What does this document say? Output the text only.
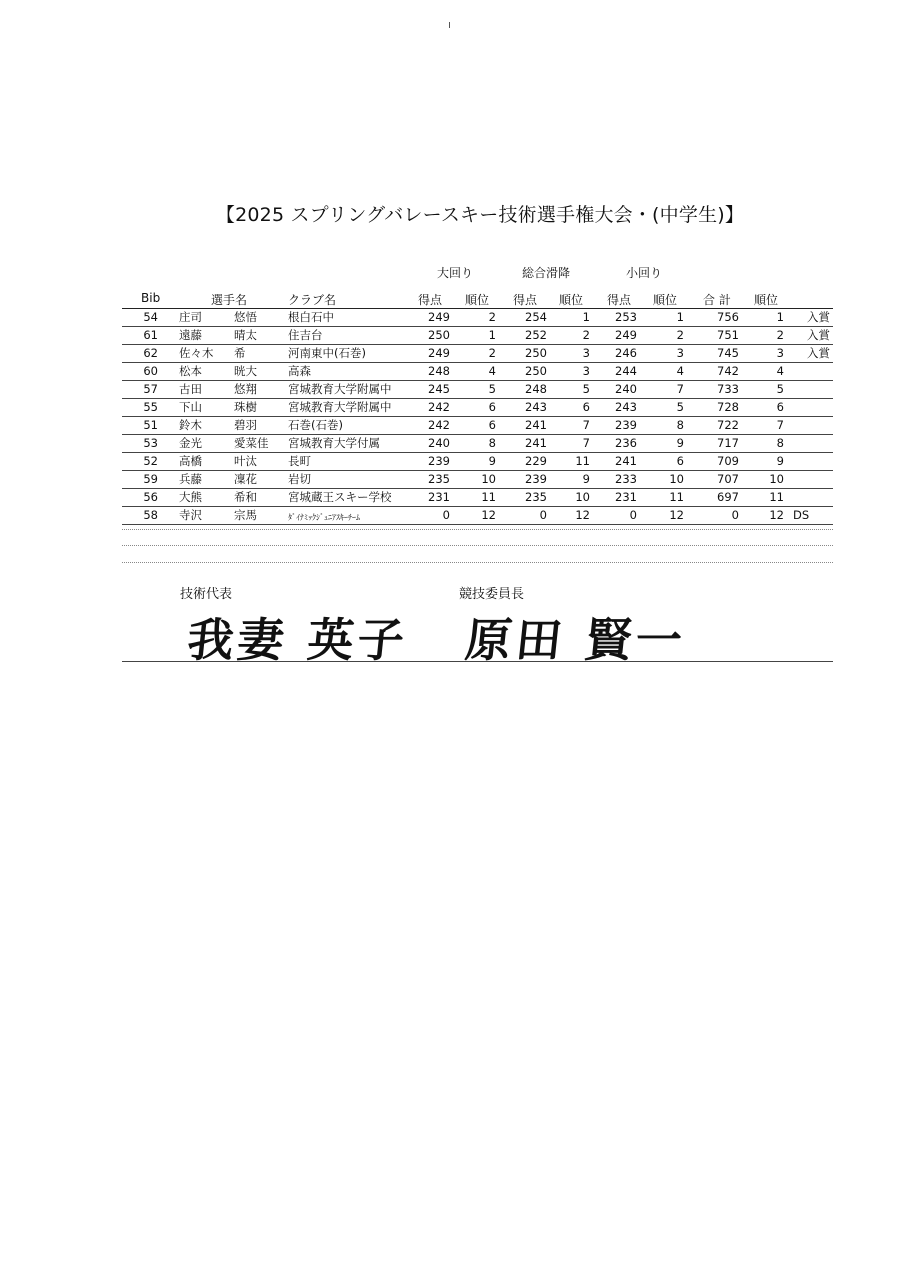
【2025 スプリングバレースキー技術選手権大会・(中学生)】
大回り	総合滑降	小回り
Bib	選手名	クラブ名	得点 順位 得点 順位 得点 順位 合 計 順位
54 庄司	悠悟	根白石中	249	2	254	1	253	1	756	1 入賞
61 遠藤	晴太	住吉台	250	1	252	2	249	2	751	2 入賞
62 佐々木	希	河南東中(石巻)	249	2	250	3	246	3	745	3 入賞
60 松本	晄大	高森	248	4	250	3	244	4	742	4
57 古田	悠翔	宮城教育大学附属中	245	5	248	5	240	7	733	5
55 下山	珠樹	宮城教育大学附属中	242	6	243	6	243	5	728	6
51 鈴木	碧羽	石巻(石巻)	242	6	241	7	239	8	722	7
53 金光	愛菜佳	宮城教育大学付属	240	8	241	7	236	9	717	8
52 高橋	叶汰	長町	239	9	229	11	241	6	709	9
59 兵藤	凜花	岩切	235	10	239	9	233	10	707	10
56 大熊	希和	宮城蔵王スキー学校	231	11	235	10	231	11	697	11
58 寺沢	宗馬	ﾀﾞｲﾅﾐｯｸｼﾞｭﾆｱｽｷｰﾁｰﾑ	0	12	0	12	0	12	0	12 DS
技術代表	競技委員長
我妻 英子 原田 賢一
